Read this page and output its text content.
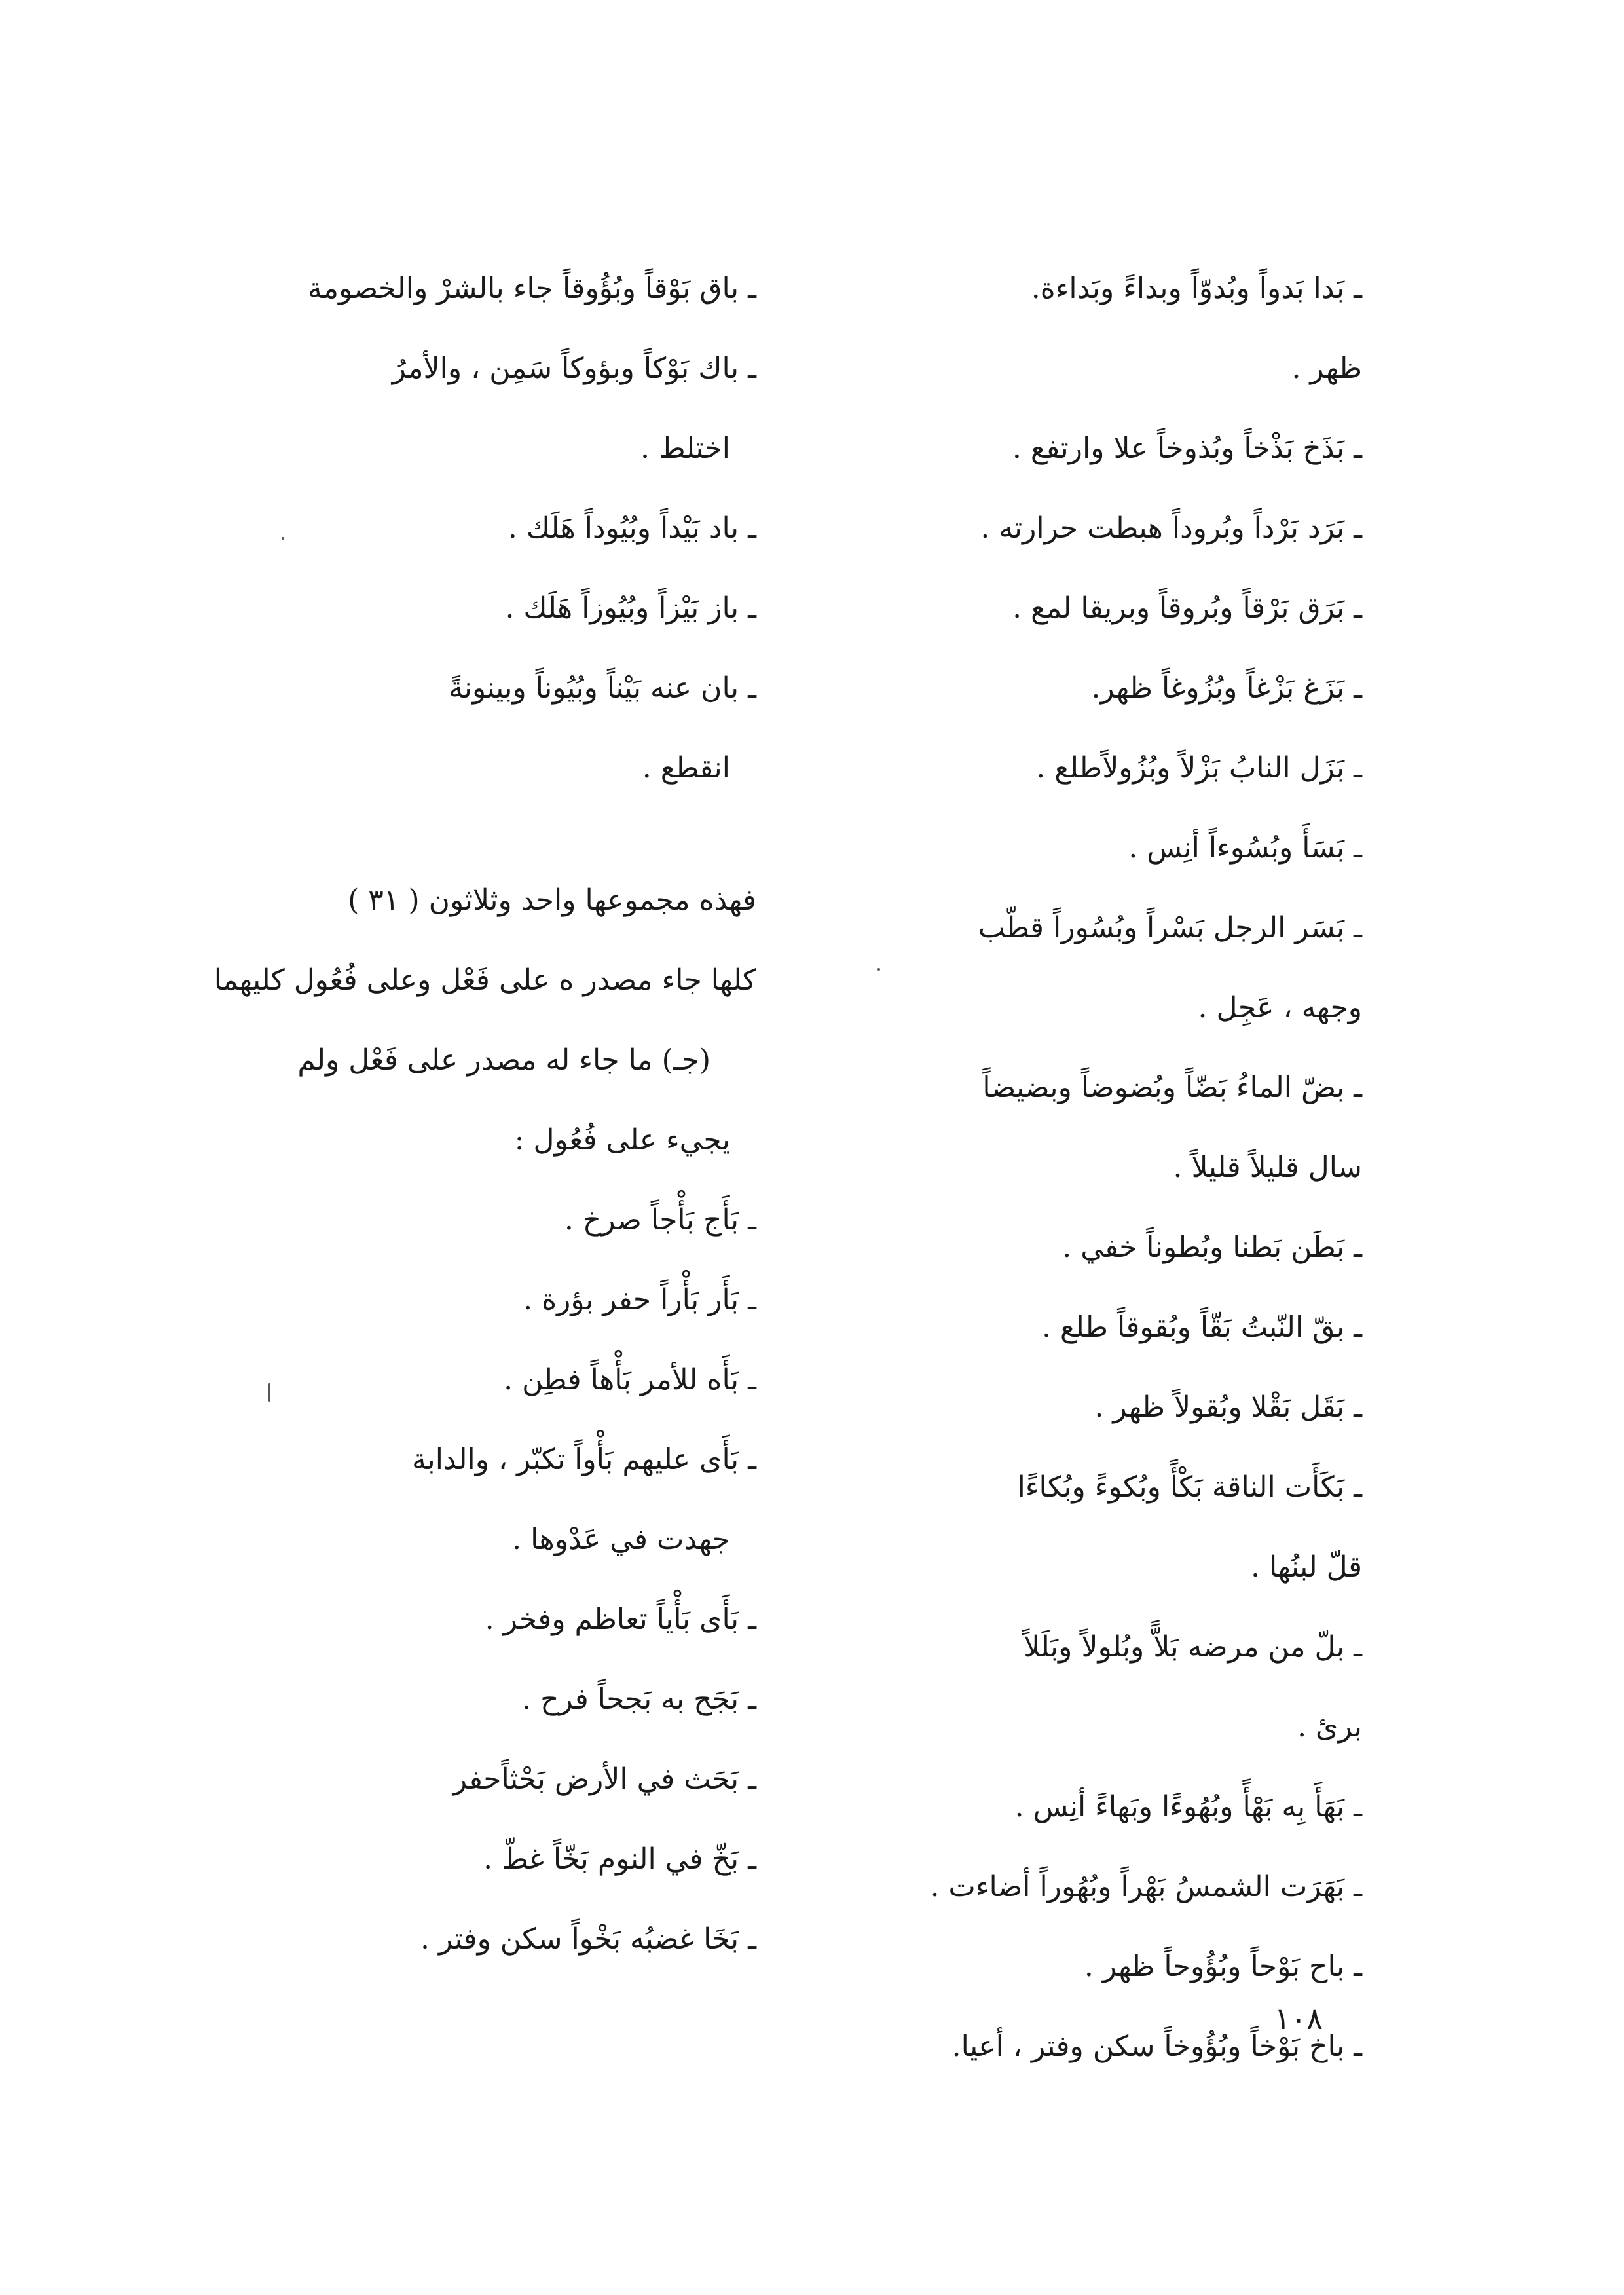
ـ بَدا بَدواً وبُدوّاً وبداءً وبَداءة.
ظهر .
ـ بَذَخ بَذْخاً وبُذوخاً علا وارتفع .
ـ بَرَد بَرْداً وبُروداً هبطت حرارته .
ـ بَرَق بَرْقاً وبُروقاً وبريقا لمع .
ـ بَزَغ بَزْغاً وبُزُوغاً ظهر.
ـ بَزَل النابُ بَزْلاً وبُزُولاًطلع .
ـ بَسَأَ وبُسُوءاً أنِس .
ـ بَسَر الرجل بَسْراً وبُسُوراً قطّب
وجهه ، عَجِل .
ـ بضّ الماءُ بَضّاً وبُضوضاً وبضيضاً
سال قليلاً قليلاً .
ـ بَطَن بَطنا وبُطوناً خفي .
ـ بقّ النّبتُ بَقّاً وبُقوقاً طلع .
ـ بَقَل بَقْلا وبُقولاً ظهر .
ـ بَكَأَت الناقة بَكْأً وبُكوءً وبُكاءًا
قلّ لبنُها .
ـ بلّ من مرضه بَلاًّ وبُلولاً وبَلَلاً
برئ .
ـ بَهَأَ بِه بَهْأً وبُهُوءًا وبَهاءً أنِس .
ـ بَهَرَت الشمسُ بَهْراً وبُهُوراً أضاءت .
ـ باح بَوْحاً وبُؤُوحاً ظهر .
ـ باخ بَوْخاً وبُؤُوخاً سكن وفتر ، أعيا.
ـ باق بَوْقاً وبُؤُوقاً جاء بالشرْ والخصومة
ـ باك بَوْكاً وبؤوكاً سَمِن ، والأمرُ
اختلط .
ـ باد بَيْداً وبُيُوداً هَلَك .
ـ باز بَيْزاً وبُيُوزاً هَلَك .
ـ بان عنه بَيْناً وبُيُوناً وبينونةً
انقطع .
فهذه مجموعها واحد وثلاثون ( ٣١ )
كلها جاء مصدر ه على فَعْل وعلى فُعُول كليهما
(جـ) ما جاء له مصدر على فَعْل ولم
يجيء على فُعُول :
ـ بَأَج بَأْجاً صرخ .
ـ بَأَر بَأْراً حفر بؤرة .
ـ بَأَه للأمر بَأْهاً فطِن .
ـ بَأَى عليهم بَأْواً تكبّر ، والدابة
جهدت في عَدْوها .
ـ بَأَى بَأْياً تعاظم وفخر .
ـ بَجَح به بَجحاً فرح .
ـ بَحَث في الأرض بَحْثاًحفر
ـ بَخّ في النوم بَخّاً غطّ .
ـ بَخَا غضبُه بَخْواً سكن وفتر .
١٠٨
